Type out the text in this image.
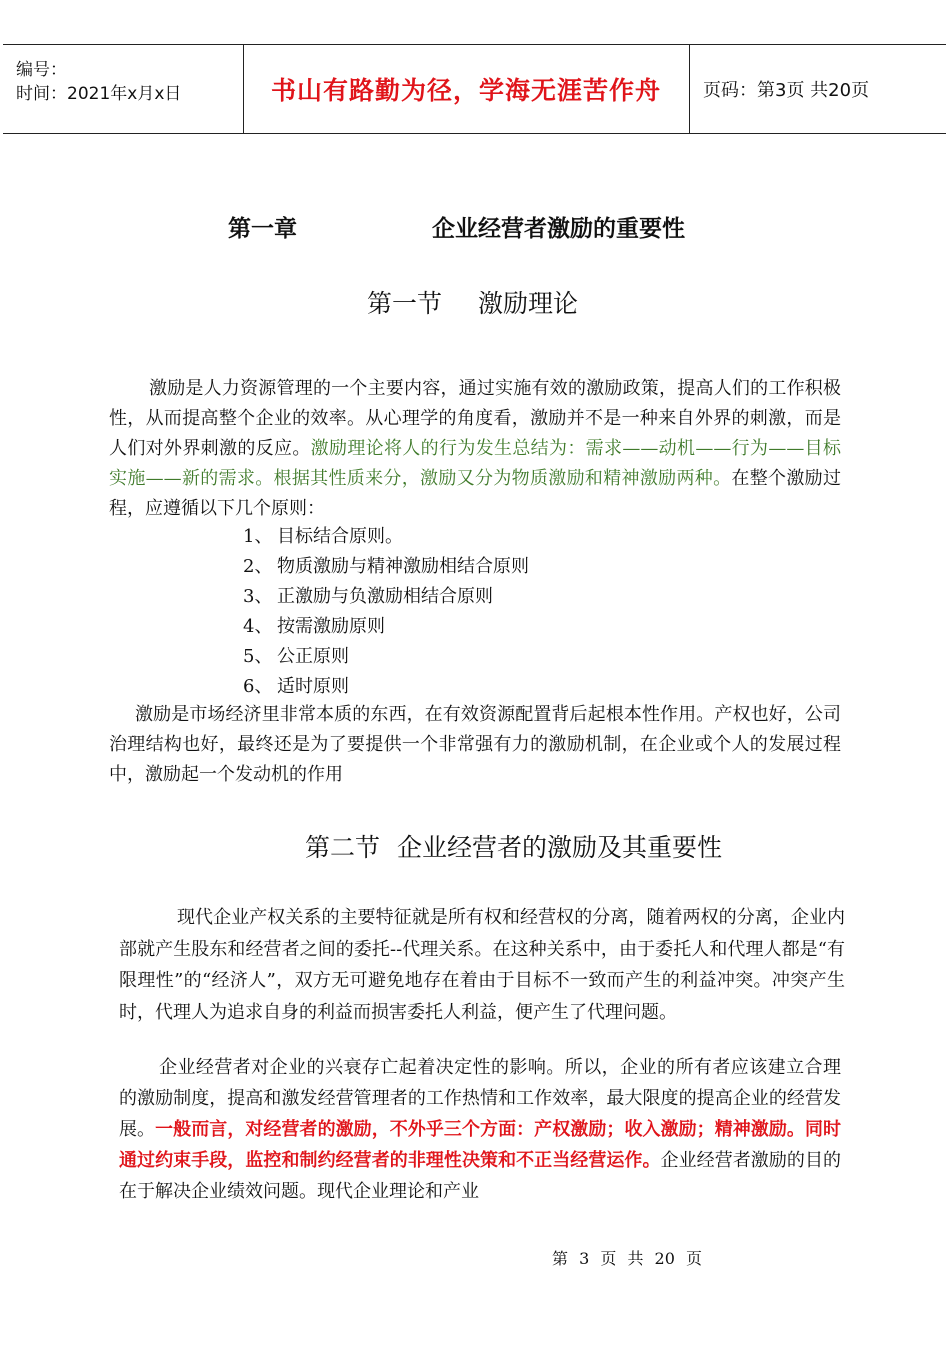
编号：
时间：2021年x月x日	书山有路勤为径，学海无涯苦作舟 页码：第3页 共20页
第一章	企业经营者激励的重要性
第一节 激励理论

激励是人力资源管理的一个主要内容，通过实施有效的激励政策，提高人们的工作积极性，从而提高整个企业的效率。从心理学的角度看，激励并不是一种来自外界的刺激，而是人们对外界刺激的反应。激励理论将人的行为发生总结为：需求——动机——行为——目标实施——新的需求。根据其性质来分，激励又分为物质激励和精神激励两种。在整个激励过程，应遵循以下几个原则：

1、 目标结合原则。
2、 物质激励与精神激励相结合原则
3、 正激励与负激励相结合原则
4、 按需激励原则
5、 公正原则
6、 适时原则

激励是市场经济里非常本质的东西，在有效资源配置背后起根本性作用。产权也好，公司治理结构也好，最终还是为了要提供一个非常强有力的激励机制，在企业或个人的发展过程中，激励起一个发动机的作用

第二节 企业经营者的激励及其重要性

现代企业产权关系的主要特征就是所有权和经营权的分离，随着两权的分离，企业内部就产生股东和经营者之间的委托--代理关系。在这种关系中，由于委托人和代理人都是“有限理性”的“经济人”，双方无可避免地存在着由于目标不一致而产生的利益冲突。冲突产生时，代理人为追求自身的利益而损害委托人利益，便产生了代理问题。

企业经营者对企业的兴衰存亡起着决定性的影响。所以，企业的所有者应该建立合理的激励制度，提高和激发经营管理者的工作热情和工作效率，最大限度的提高企业的经营发展。一般而言，对经营者的激励，不外乎三个方面：产权激励；收入激励；精神激励。同时通过约束手段，监控和制约经营者的非理性决策和不正当经营运作。企业经营者激励的目的在于解决企业绩效问题。现代企业理论和产业

第 3 页 共 20 页
